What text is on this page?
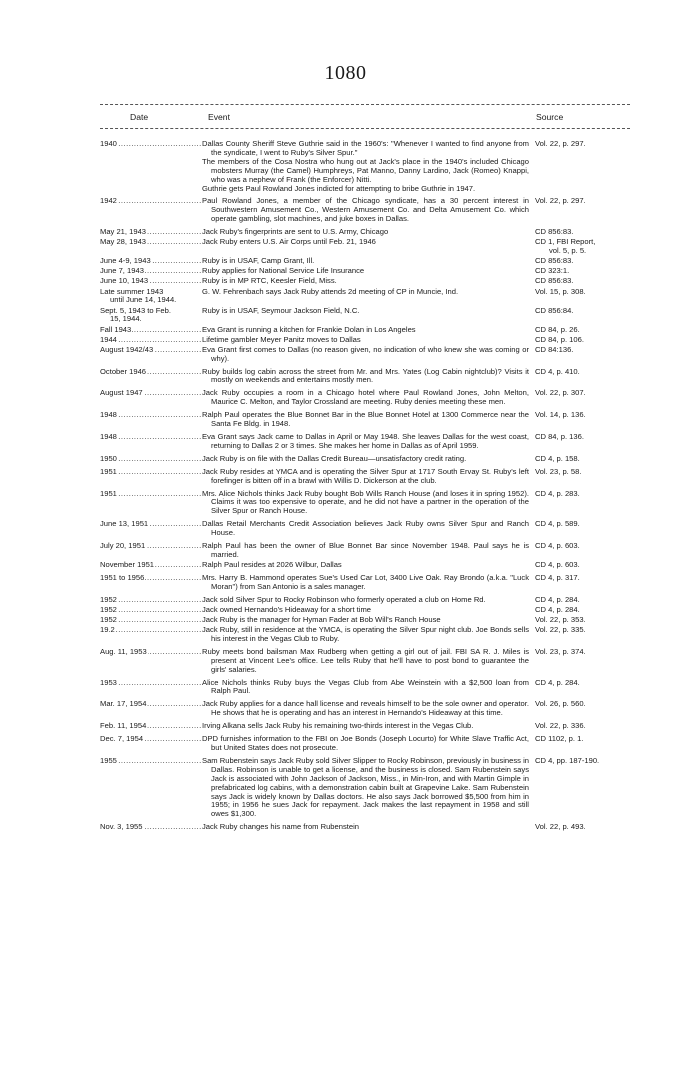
1080
Date	Event	Source
1940 .....	Dallas County Sheriff Steve Guthrie said in the 1960's: "Whenever I wanted to find anyone from the syndicate, I went to Ruby's Silver Spur."

The members of the Cosa Nostra who hung out at Jack's place in the 1940's included Chicago mobsters Murray (the Camel) Humphreys, Pat Manno, Danny Lardino, Jack (Romeo) Knappi, who was a nephew of Frank (the Enforcer) Nitti.

Guthrie gets Paul Rowland Jones indicted for attempting to bribe Guthrie in 1947.

Vol. 22, p. 297.
1942 .....	Paul Rowland Jones, a member of the Chicago syndicate, has a 30 percent interest in Southwestern Amusement Co., Western Amusement Co. and Delta Amusement Co. which operate gambling, slot machines, and juke boxes in Dallas.

Vol. 22, p. 297.
May 21, 1943 .....	Jack Ruby's fingerprints are sent to U.S. Army, Chicago	CD 856:83.
May 28, 1943 .....	Jack Ruby enters U.S. Air Corps until Feb. 21, 1946	CD 1, FBI Report,
vol. 5, p. 5.
June 4-9, 1943 .....	Ruby is in USAF, Camp Grant, Ill.	CD 856:83.
June 7, 1943 .....	Ruby applies for National Service Life Insurance	CD 323:1.
June 10, 1943 .....	Ruby is in MP RTC, Keesler Field, Miss.	CD 856:83.
Late summer 1943
until June 14, 1944.

G. W. Fehrenbach says Jack Ruby attends 2d meeting of CP in Muncie, Ind.	Vol. 15, p. 308.
Sept. 5, 1943 to Feb.
15, 1944.

Ruby is in USAF, Seymour Jackson Field, N.C.	CD 856:84.
Fall 1943 .....	Eva Grant is running a kitchen for Frankie Dolan in Los Angeles	CD 84, p. 26.
1944 .....	Lifetime gambler Meyer Panitz moves to Dallas	CD 84, p. 106.
August 1942/43 .....	Eva Grant first comes to Dallas (no reason given, no indication of who knew she was coming or why).

CD 84:136.
October 1946 .....	Ruby builds log cabin across the street from Mr. and Mrs. Yates (Log Cabin nightclub)? Visits it mostly on weekends and entertains mostly men.

CD 4, p. 410.
August 1947 .....	Jack Ruby occupies a room in a Chicago hotel where Paul Rowland Jones, John Melton, Maurice C. Melton, and Taylor Crossland are meeting. Ruby denies meeting these men.

Vol. 22, p. 307.
1948 .....	Ralph Paul operates the Blue Bonnet Bar in the Blue Bonnet Hotel at 1300 Commerce near the Santa Fe Bldg. in 1948.

Vol. 14, p. 136.
1948 .....	Eva Grant says Jack came to Dallas in April or May 1948. She leaves Dallas for the west coast, returning to Dallas 2 or 3 times. She makes her home in Dallas as of April 1959.

CD 84, p. 136.
1950 .....	Jack Ruby is on file with the Dallas Credit Bureau—unsatisfactory credit rating.	CD 4, p. 158.
1951 .....	Jack Ruby resides at YMCA and is operating the Silver Spur at 1717 South Ervay St. Ruby's left forefinger is bitten off in a brawl with Willis D. Dickerson at the club.

Vol. 23, p. 58.
1951 .....	Mrs. Alice Nichols thinks Jack Ruby bought Bob Wills Ranch House (and loses it in spring 1952). Claims it was too expensive to operate, and he did not have a partner in the operation of the Silver Spur or Ranch House.

CD 4, p. 283.
June 13, 1951 .....	Dallas Retail Merchants Credit Association believes Jack Ruby owns Silver Spur and Ranch House.

CD 4, p. 589.
July 20, 1951 .....	Ralph Paul has been the owner of Blue Bonnet Bar since November 1948. Paul says he is married.

CD 4, p. 603.
November 1951 .....	Ralph Paul resides at 2026 Wilbur, Dallas	CD 4, p. 603.
1951 to 1956 .....	Mrs. Harry B. Hammond operates Sue's Used Car Lot, 3400 Live Oak. Ray Brondo (a.k.a. "Luck Moran") from San Antonio is a sales manager.

CD 4, p. 317.
1952 .....	Jack sold Silver Spur to Rocky Robinson who formerly operated a club on Home Rd.	CD 4, p. 284.
1952 .....	Jack owned Hernando's Hideaway for a short time	CD 4, p. 284.
1952 .....	Jack Ruby is the manager for Hyman Fader at Bob Will's Ranch House	Vol. 22, p. 353.
19.2 .....	Jack Ruby, still in residence at the YMCA, is operating the Silver Spur night club. Joe Bonds sells his interest in the Vegas Club to Ruby.

Vol. 22, p. 335.
Aug. 11, 1953 .....	Ruby meets bond bailsman Max Rudberg when getting a girl out of jail. FBI SA R. J. Miles is present at Vincent Lee's office. Lee tells Ruby that he'll have to post bond to guarantee the girls' salaries.

Vol. 23, p. 374.
1953 .....	Alice Nichols thinks Ruby buys the Vegas Club from Abe Weinstein with a $2,500 loan from Ralph Paul.

CD 4, p. 284.
Mar. 17, 1954 .....	Jack Ruby applies for a dance hall license and reveals himself to be the sole owner and operator. He shows that he is operating and has an interest in Hernando's Hideaway at this time.

Vol. 26, p. 560.
Feb. 11, 1954 .....	Irving Alkana sells Jack Ruby his remaining two-thirds interest in the Vegas Club.	Vol. 22, p. 336.
Dec. 7, 1954 .....	DPD furnishes information to the FBI on Joe Bonds (Joseph Locurto) for White Slave Traffic Act, but United States does not prosecute.

CD 1102, p. 1.
1955 .....	Sam Rubenstein says Jack Ruby sold Silver Slipper to Rocky Robinson, previously in business in Dallas. Robinson is unable to get a license, and the business is closed. Sam Rubenstein says Jack is associated with John Jackson of Jackson, Miss., in Min-Iron, and with Martin Gimple in prefabricated log cabins, with a demonstration cabin built at Grapevine Lake. Sam Rubenstein says Jack is widely known by Dallas doctors. He also says Jack borrowed $5,500 from him in 1955; in 1956 he sues Jack for repayment. Jack makes the last repayment in 1958 and still owes $1,300.

CD 4, pp. 187-190.
Nov. 3, 1955 .....	Jack Ruby changes his name from Rubenstein	Vol. 22, p. 493.
